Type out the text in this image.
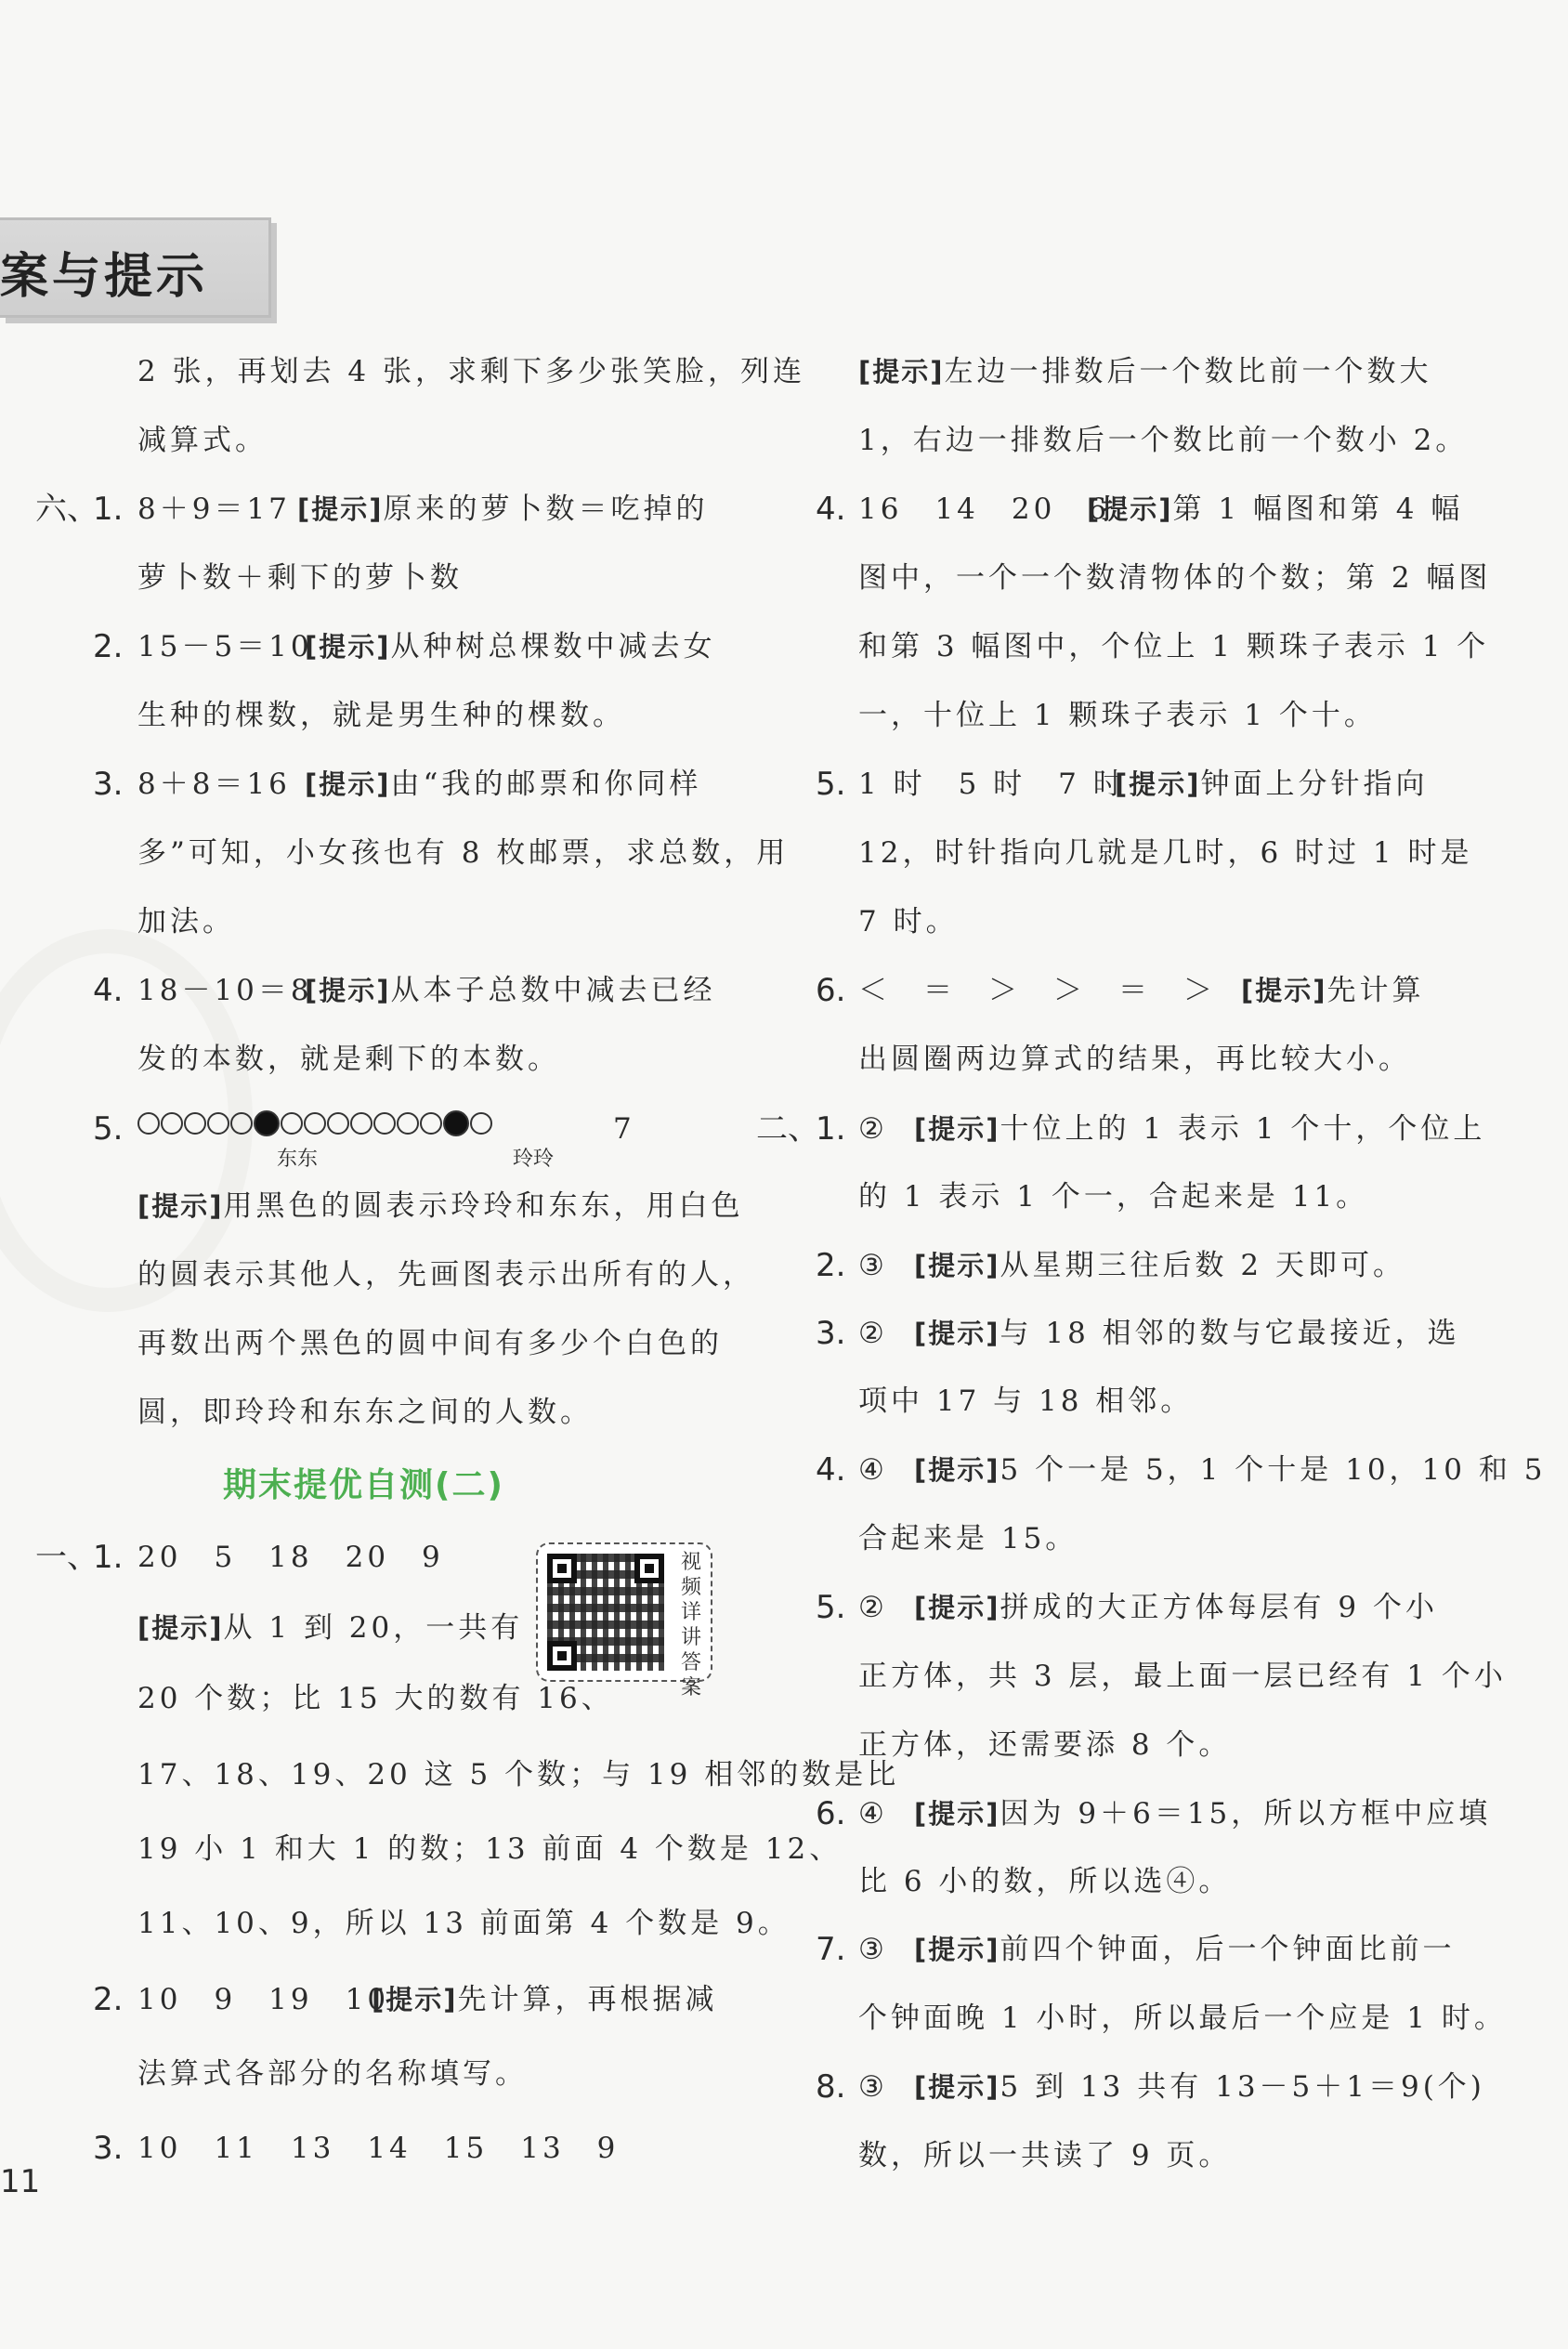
案与提示
2 张，再划去 4 张，求剩下多少张笑脸，列连
减算式。
六、
1. 8＋9＝17 [提示]原来的萝卜数＝吃掉的
萝卜数＋剩下的萝卜数
2. 15－5＝10
[提示]从种树总棵数中减去女
生种的棵数，就是男生种的棵数。
3. 8＋8＝16 [提示]由“我的邮票和你同样
多”可知，小女孩也有 8 枚邮票，求总数，用
加法。
4. 18－10＝8
[提示]从本子总数中减去已经
发的本数，就是剩下的本数。
5.	7
东东	玲玲
[提示]用黑色的圆表示玲玲和东东，用白色
的圆表示其他人，先画图表示出所有的人，
再数出两个黑色的圆中间有多少个白色的
圆，即玲玲和东东之间的人数。
期末提优自测(二)
一、
1. 20　5　18　20　9
[提示]从 1 到 20，一共有
20 个数；比 15 大的数有 16、
17、18、19、20 这 5 个数；与 19 相邻的数是比
19 小 1 和大 1 的数；13 前面 4 个数是 12、
11、10、9，所以 13 前面第 4 个数是 9。
视频详讲答案
2. 10　9　19　10
[提示]先计算，再根据减
法算式各部分的名称填写。
3. 10　11　13　14　15　13　9
11
[提示]左边一排数后一个数比前一个数大
1，右边一排数后一个数比前一个数小 2。
4. 16　14　20　6
[提示]第 1 幅图和第 4 幅
图中，一个一个数清物体的个数；第 2 幅图
和第 3 幅图中，个位上 1 颗珠子表示 1 个
一，十位上 1 颗珠子表示 1 个十。
5. 1 时　5 时　7 时
[提示]钟面上分针指向
12，时针指向几就是几时，6 时过 1 时是
7 时。
6. ＜　＝　＞　＞　＝　＞ [提示]先计算
出圆圈两边算式的结果，再比较大小。
二、
1. ② [提示]十位上的 1 表示 1 个十，个位上
的 1 表示 1 个一，合起来是 11。
2. ③ [提示]从星期三往后数 2 天即可。
3. ② [提示]与 18 相邻的数与它最接近，选
项中 17 与 18 相邻。
4. ④ [提示]5 个一是 5，1 个十是 10，10 和 5
合起来是 15。
5. ② [提示]拼成的大正方体每层有 9 个小
正方体，共 3 层，最上面一层已经有 1 个小
正方体，还需要添 8 个。
6. ④ [提示]因为 9＋6＝15，所以方框中应填
比 6 小的数，所以选④。
7. ③ [提示]前四个钟面，后一个钟面比前一
个钟面晚 1 小时，所以最后一个应是 1 时。
8. ③ [提示]5 到 13 共有 13－5＋1＝9(个)
数，所以一共读了 9 页。
